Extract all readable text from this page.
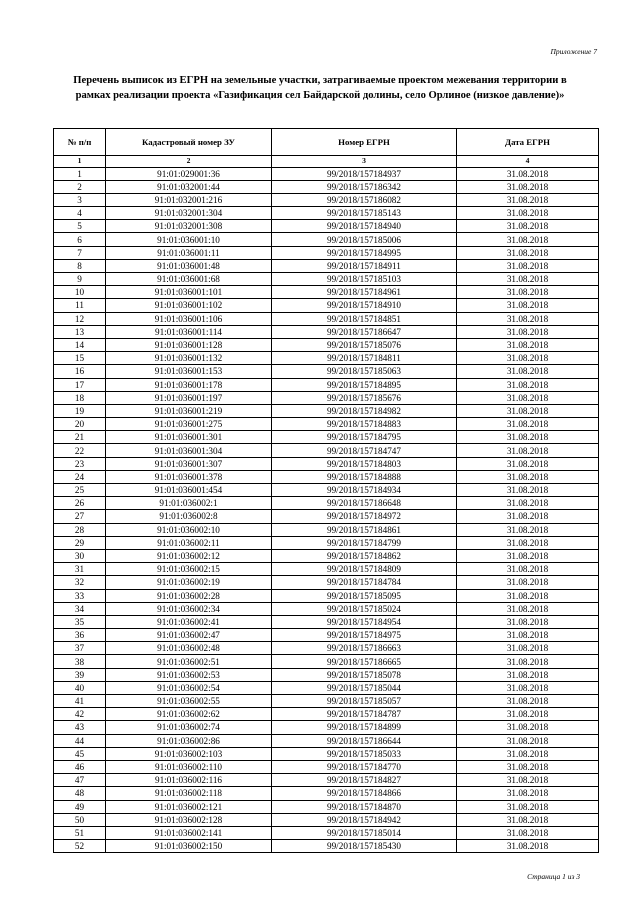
Приложение 7
Перечень выписок из ЕГРН на земельные участки, затрагиваемые проектом межевания территории в
рамках реализации проекта «Газификация сел Байдарской долины, село Орлиное (низкое давление)»
№ п/п	Кадастровый номер ЗУ	Номер ЕГРН	Дата ЕГРН
1	2	3	4
1	91:01:029001:36	99/2018/157184937	31.08.2018
2	91:01:032001:44	99/2018/157186342	31.08.2018
3	91:01:032001:216	99/2018/157186082	31.08.2018
4	91:01:032001:304	99/2018/157185143	31.08.2018
5	91:01:032001:308	99/2018/157184940	31.08.2018
6	91:01:036001:10	99/2018/157185006	31.08.2018
7	91:01:036001:11	99/2018/157184995	31.08.2018
8	91:01:036001:48	99/2018/157184911	31.08.2018
9	91:01:036001:68	99/2018/157185103	31.08.2018
10	91:01:036001:101	99/2018/157184961	31.08.2018
11	91:01:036001:102	99/2018/157184910	31.08.2018
12	91:01:036001:106	99/2018/157184851	31.08.2018
13	91:01:036001:114	99/2018/157186647	31.08.2018
14	91:01:036001:128	99/2018/157185076	31.08.2018
15	91:01:036001:132	99/2018/157184811	31.08.2018
16	91:01:036001:153	99/2018/157185063	31.08.2018
17	91:01:036001:178	99/2018/157184895	31.08.2018
18	91:01:036001:197	99/2018/157185676	31.08.2018
19	91:01:036001:219	99/2018/157184982	31.08.2018
20	91:01:036001:275	99/2018/157184883	31.08.2018
21	91:01:036001:301	99/2018/157184795	31.08.2018
22	91:01:036001:304	99/2018/157184747	31.08.2018
23	91:01:036001:307	99/2018/157184803	31.08.2018
24	91:01:036001:378	99/2018/157184888	31.08.2018
25	91:01:036001:454	99/2018/157184934	31.08.2018
26	91:01:036002:1	99/2018/157186648	31.08.2018
27	91:01:036002:8	99/2018/157184972	31.08.2018
28	91:01:036002:10	99/2018/157184861	31.08.2018
29	91:01:036002:11	99/2018/157184799	31.08.2018
30	91:01:036002:12	99/2018/157184862	31.08.2018
31	91:01:036002:15	99/2018/157184809	31.08.2018
32	91:01:036002:19	99/2018/157184784	31.08.2018
33	91:01:036002:28	99/2018/157185095	31.08.2018
34	91:01:036002:34	99/2018/157185024	31.08.2018
35	91:01:036002:41	99/2018/157184954	31.08.2018
36	91:01:036002:47	99/2018/157184975	31.08.2018
37	91:01:036002:48	99/2018/157186663	31.08.2018
38	91:01:036002:51	99/2018/157186665	31.08.2018
39	91:01:036002:53	99/2018/157185078	31.08.2018
40	91:01:036002:54	99/2018/157185044	31.08.2018
41	91:01:036002:55	99/2018/157185057	31.08.2018
42	91:01:036002:62	99/2018/157184787	31.08.2018
43	91:01:036002:74	99/2018/157184899	31.08.2018
44	91:01:036002:86	99/2018/157186644	31.08.2018
45	91:01:036002:103	99/2018/157185033	31.08.2018
46	91:01:036002:110	99/2018/157184770	31.08.2018
47	91:01:036002:116	99/2018/157184827	31.08.2018
48	91:01:036002:118	99/2018/157184866	31.08.2018
49	91:01:036002:121	99/2018/157184870	31.08.2018
50	91:01:036002:128	99/2018/157184942	31.08.2018
51	91:01:036002:141	99/2018/157185014	31.08.2018
52	91:01:036002:150	99/2018/157185430	31.08.2018
Страница 1 из 3
